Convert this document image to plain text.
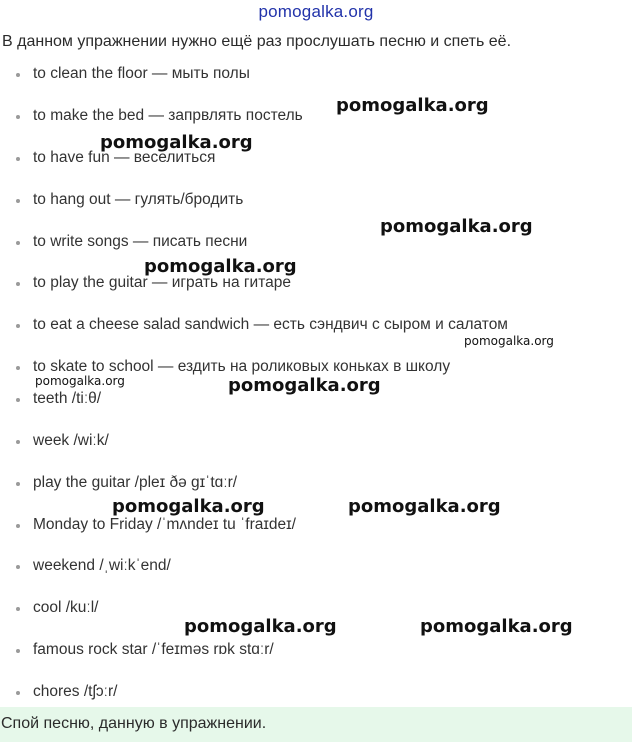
pomogalka.org
В данном упражнении нужно ещё раз прослушать песню и спеть её.
to clean the floor — мыть полы
to make the bed — запрвлять постель
to have fun — веселиться
to hang out — гулять/бродить
to write songs — писать песни
to play the guitar — играть на гитаре
to eat a cheese salad sandwich — есть сэндвич с сыром и салатом
to skate to school — ездить на роликовых коньках в школу
teeth /tiːθ/
week /wiːk/
play the guitar /pleɪ ðə gɪˈtɑːr/
Monday to Friday /ˈmʌndeɪ tu ˈfraɪdeɪ/
weekend /ˌwiːkˈend/
cool /kuːl/
famous rock star /ˈfeɪməs rɒk stɑːr/
chores /tʃɔːr/
pomogalka.org
pomogalka.org
pomogalka.org
pomogalka.org
pomogalka.org
pomogalka.org	pomogalka.org
pomogalka.org	pomogalka.org
pomogalka.org	pomogalka.org
Спой песню, данную в упражнении.
